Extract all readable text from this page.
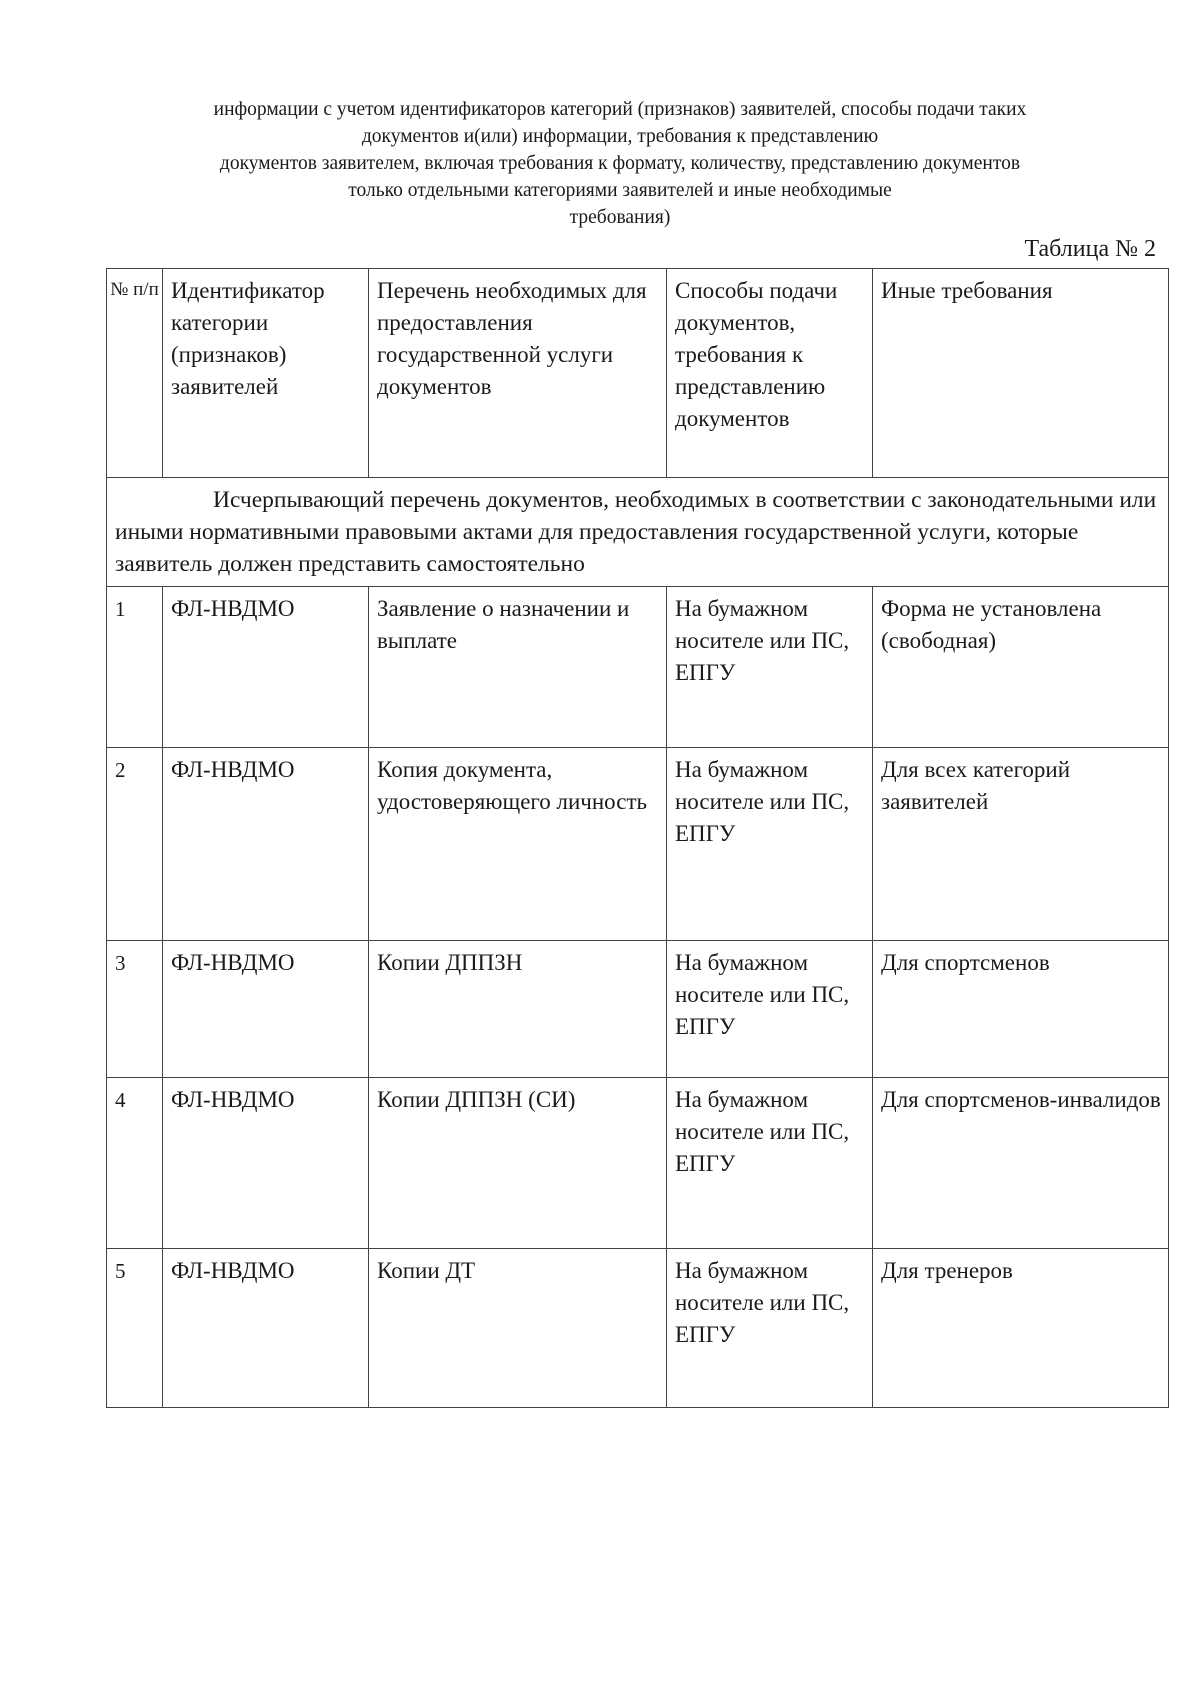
информации с учетом идентификаторов категорий (признаков) заявителей, способы подачи таких
документов и(или) информации, требования к представлению
документов заявителем, включая требования к формату, количеству, представлению документов
только отдельными категориями заявителей и иные необходимые
требования)
Таблица № 2
№ п/п	Идентификатор категории (признаков) заявителей	Перечень необходимых для предоставления государственной услуги документов	Способы подачи документов, требования к представлению документов	Иные требования
Исчерпывающий перечень документов, необходимых в соответствии с законодательными или иными нормативными правовыми актами для предоставления государственной услуги, которые заявитель должен представить самостоятельно				
1	ФЛ-НВДМО	Заявление о назначении и выплате	На бумажном носителе или ПС, ЕПГУ	Форма не установлена (свободная)
2	ФЛ-НВДМО	Копия документа, удостоверяющего личность	На бумажном носителе или ПС, ЕПГУ	Для всех категорий заявителей
3	ФЛ-НВДМО	Копии ДППЗН	На бумажном носителе или ПС, ЕПГУ	Для спортсменов
4	ФЛ-НВДМО	Копии ДППЗН (СИ)	На бумажном носителе или ПС, ЕПГУ	Для спортсменов-инвалидов
5	ФЛ-НВДМО	Копии ДТ	На бумажном носителе или ПС, ЕПГУ	Для тренеров
